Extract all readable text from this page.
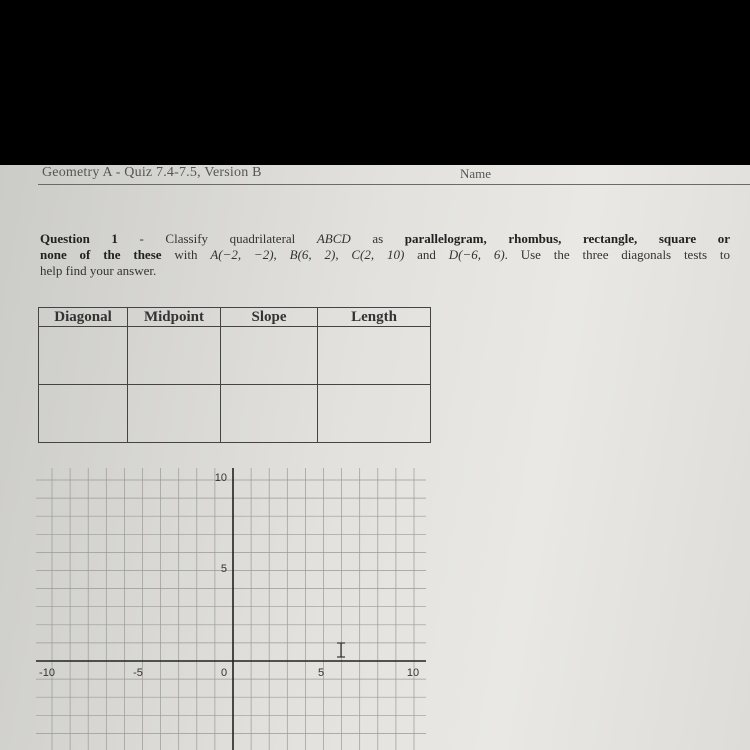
Geometry A - Quiz 7.4-7.5, Version B	Name
Question 1 - Classify quadrilateral ABCD as parallelogram, rhombus, rectangle, square or
none of the these with A(−2, −2), B(6, 2), C(2, 10) and D(−6, 6). Use the three diagonals tests to
help find your answer.
Diagonal	Midpoint	Slope	Length

-10	-5	0	5	10
10
5
